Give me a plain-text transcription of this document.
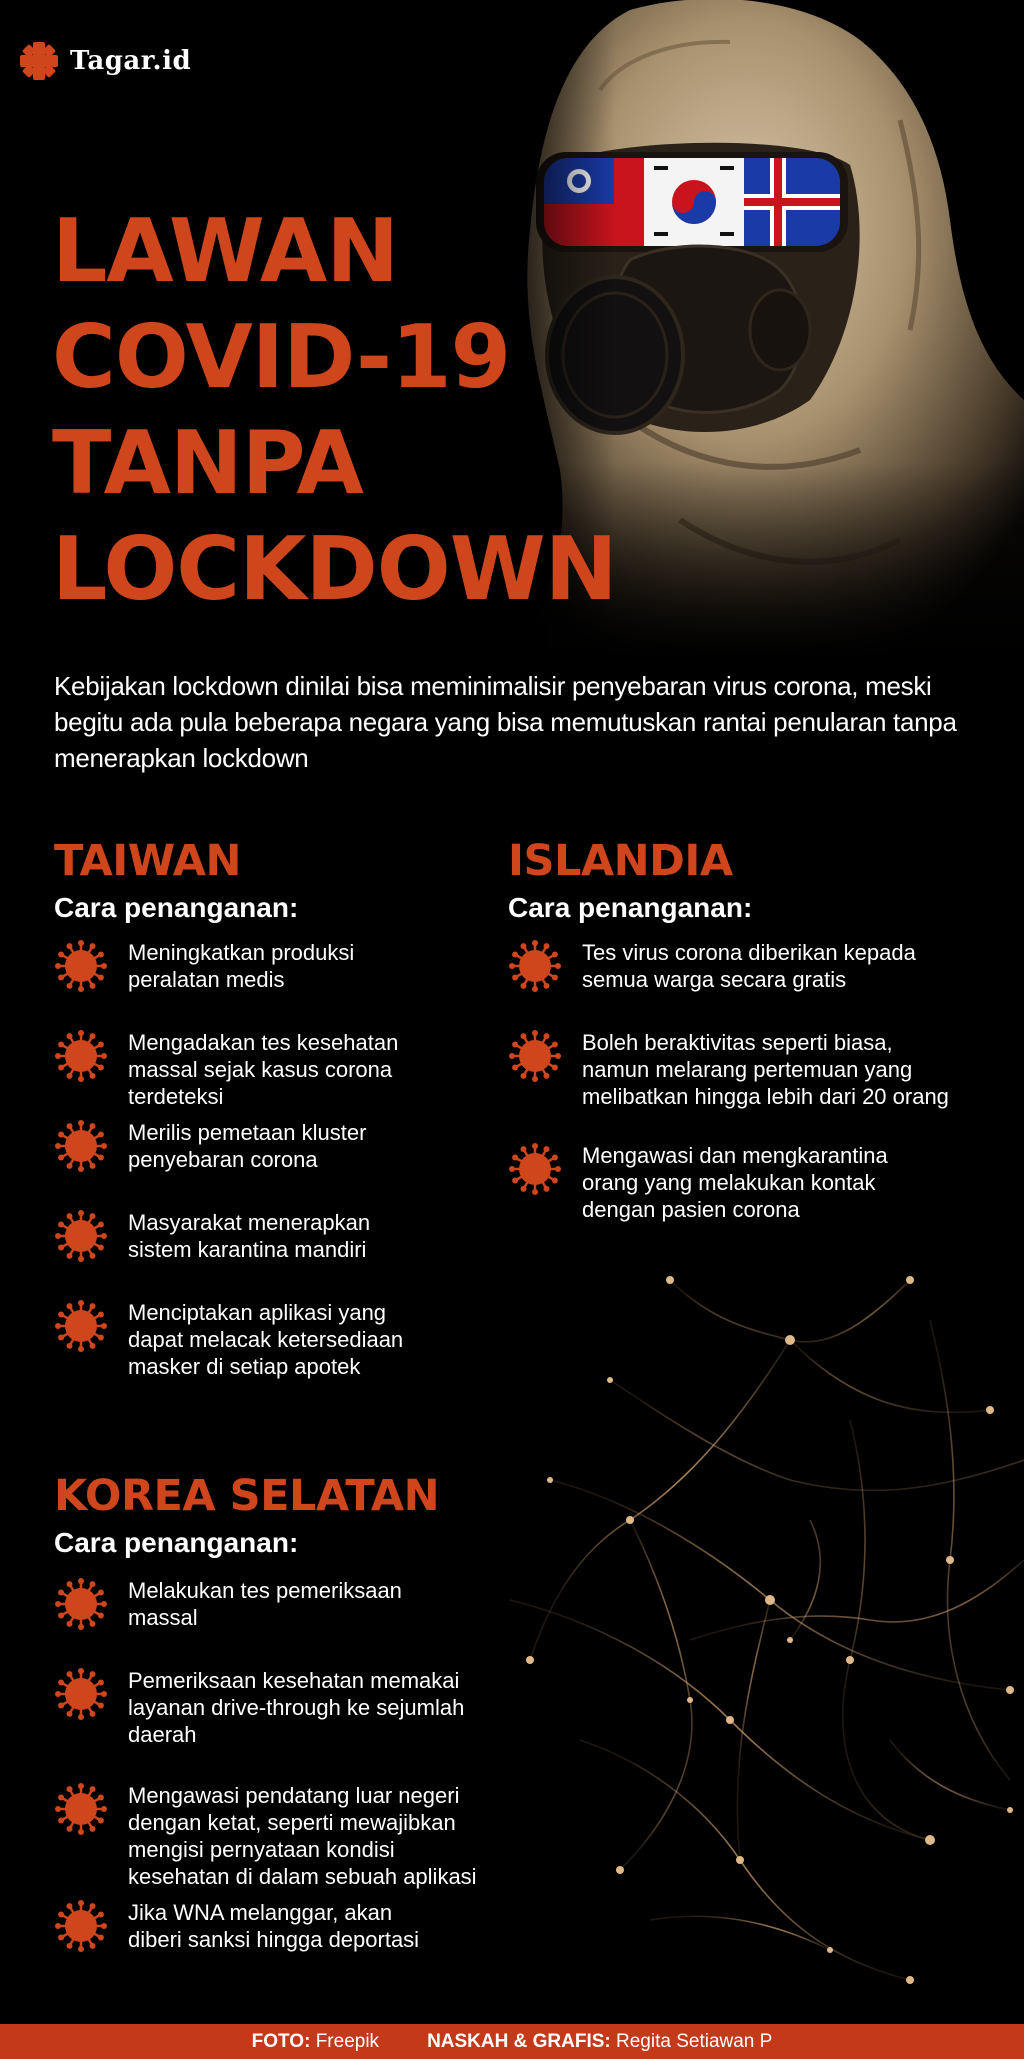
Tagar.id
LAWAN
COVID-19
TANPA
LOCKDOWN

Kebijakan lockdown dinilai bisa meminimalisir penyebaran virus corona, meski begitu ada pula beberapa negara yang bisa memutuskan rantai penularan tanpa menerapkan lockdown

TAIWAN
Cara penanganan:
Meningkatkan produksi
peralatan medis
Mengadakan tes kesehatan
massal sejak kasus corona
terdeteksi
Merilis pemetaan kluster
penyebaran corona
Masyarakat menerapkan
sistem karantina mandiri
Menciptakan aplikasi yang
dapat melacak ketersediaan
masker di setiap apotek
ISLANDIA
Cara penanganan:
Tes virus corona diberikan kepada
semua warga secara gratis
Boleh beraktivitas seperti biasa,
namun melarang pertemuan yang
melibatkan hingga lebih dari 20 orang
Mengawasi dan mengkarantina
orang yang melakukan kontak
dengan pasien corona
KOREA SELATAN
Cara penanganan:
Melakukan tes pemeriksaan
massal
Pemeriksaan kesehatan memakai
layanan drive-through ke sejumlah
daerah
Mengawasi pendatang luar negeri
dengan ketat, seperti mewajibkan
mengisi pernyataan kondisi
kesehatan di dalam sebuah aplikasi
Jika WNA melanggar, akan
diberi sanksi hingga deportasi
FOTO:
Freepik	NASKAH & GRAFIS:
Regita Setiawan P
